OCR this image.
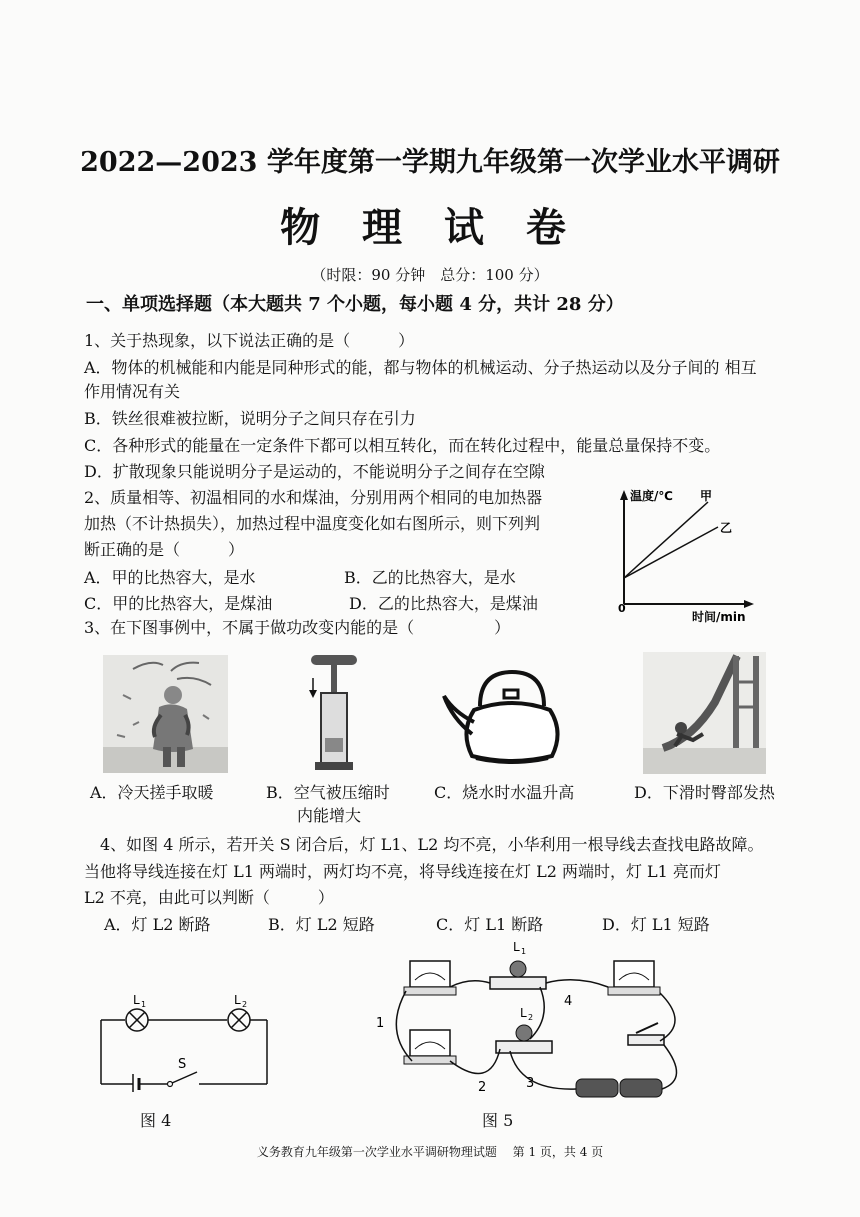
2022—2023 学年度第一学期九年级第一次学业水平调研
物 理 试 卷
（时限：90 分钟　总分：100 分）
一、单项选择题（本大题共 7 个小题，每小题 4 分，共计 28 分）
1、关于热现象，以下说法正确的是（　　　）
A．物体的机械能和内能是同种形式的能，都与物体的机械运动、分子热运动以及分子间的 相互
作用情况有关
B．铁丝很难被拉断，说明分子之间只存在引力
C．各种形式的能量在一定条件下都可以相互转化，而在转化过程中，能量总量保持不变。
D．扩散现象只能说明分子是运动的，不能说明分子之间存在空隙
2、质量相等、初温相同的水和煤油，分别用两个相同的电加热器
加热（不计热损失），加热过程中温度变化如右图所示，则下列判
断正确的是（　　　）
A．甲的比热容大，是水	B．乙的比热容大，是水
C．甲的比热容大，是煤油	D．乙的比热容大，是煤油
温度/℃ 甲
乙
0
时间/min
3、在下图事例中，不属于做功改变内能的是（　　　　　）
A．冷天搓手取暖	B．空气被压缩时
内能增大
C．烧水时水温升高	D．下滑时臀部发热
4、如图 4 所示，若开关 S 闭合后，灯 L1、L2 均不亮，小华利用一根导线去查找电路故障。
当他将导线连接在灯 L1 两端时，两灯均不亮，将导线连接在灯 L2 两端时，灯 L1 亮而灯
L2 不亮，由此可以判断（　　　）
A．灯 L2 断路	B．灯 L2 短路	C．灯 L1 断路	D．灯 L1 短路
L 1	L 2
S
图 4
L 1
L 2
1
2	3
4
图 5
义务教育九年级第一次学业水平调研物理试题　 第 1 页，共 4 页
